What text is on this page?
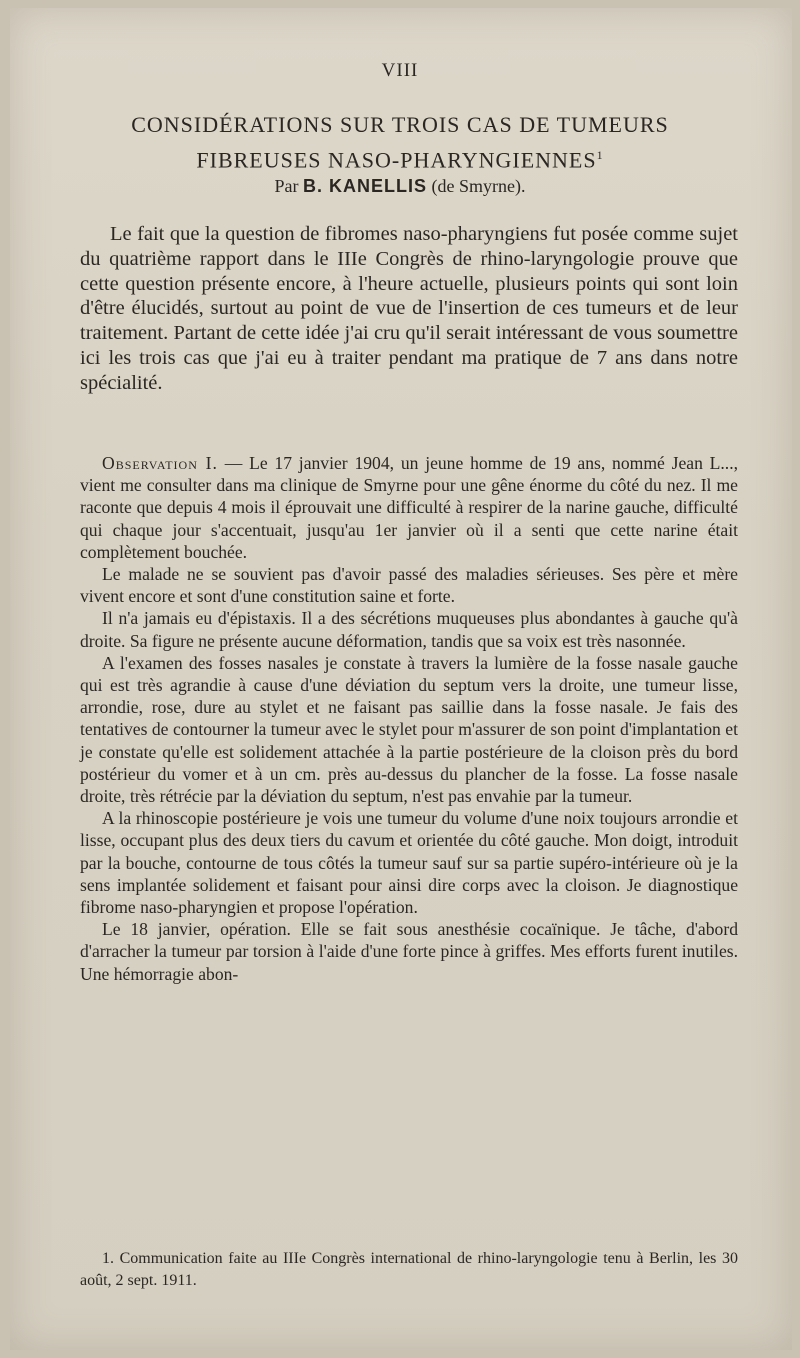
VIII
CONSIDÉRATIONS SUR TROIS CAS DE TUMEURS
FIBREUSES NASO-PHARYNGIENNES$^1$
Par B. KANELLIS (de Smyrne).

Le fait que la question de fibromes naso-pharyngiens fut posée comme sujet du quatrième rapport dans le IIIe Congrès de rhino-laryngologie prouve que cette question présente encore, à l'heure actuelle, plusieurs points qui sont loin d'être élucidés, surtout au point de vue de l'insertion de ces tumeurs et de leur traitement. Partant de cette idée j'ai cru qu'il serait intéressant de vous soumettre ici les trois cas que j'ai eu à traiter pendant ma pratique de 7 ans dans notre spécialité.

Observation I. — Le 17 janvier 1904, un jeune homme de 19 ans, nommé Jean L..., vient me consulter dans ma clinique de Smyrne pour une gêne énorme du côté du nez. Il me raconte que depuis 4 mois il éprouvait une difficulté à respirer de la narine gauche, difficulté qui chaque jour s'accentuait, jusqu'au 1er janvier où il a senti que cette narine était complètement bouchée.

Le malade ne se souvient pas d'avoir passé des maladies sérieuses. Ses père et mère vivent encore et sont d'une constitution saine et forte.

Il n'a jamais eu d'épistaxis. Il a des sécrétions muqueuses plus abondantes à gauche qu'à droite. Sa figure ne présente aucune déformation, tandis que sa voix est très nasonnée.

A l'examen des fosses nasales je constate à travers la lumière de la fosse nasale gauche qui est très agrandie à cause d'une déviation du septum vers la droite, une tumeur lisse, arrondie, rose, dure au stylet et ne faisant pas saillie dans la fosse nasale. Je fais des tentatives de contourner la tumeur avec le stylet pour m'assurer de son point d'implantation et je constate qu'elle est solidement attachée à la partie postérieure de la cloison près du bord postérieur du vomer et à un cm. près au-dessus du plancher de la fosse. La fosse nasale droite, très rétrécie par la déviation du septum, n'est pas envahie par la tumeur.

A la rhinoscopie postérieure je vois une tumeur du volume d'une noix toujours arrondie et lisse, occupant plus des deux tiers du cavum et orientée du côté gauche. Mon doigt, introduit par la bouche, contourne de tous côtés la tumeur sauf sur sa partie supéro-intérieure où je la sens implantée solidement et faisant pour ainsi dire corps avec la cloison. Je diagnostique fibrome naso-pharyngien et propose l'opération.

Le 18 janvier, opération. Elle se fait sous anesthésie cocaïnique. Je tâche, d'abord d'arracher la tumeur par torsion à l'aide d'une forte pince à griffes. Mes efforts furent inutiles. Une hémorragie abon-

1. Communication faite au IIIe Congrès international de rhino-laryngologie tenu à Berlin, les 30 août, 2 sept. 1911.
